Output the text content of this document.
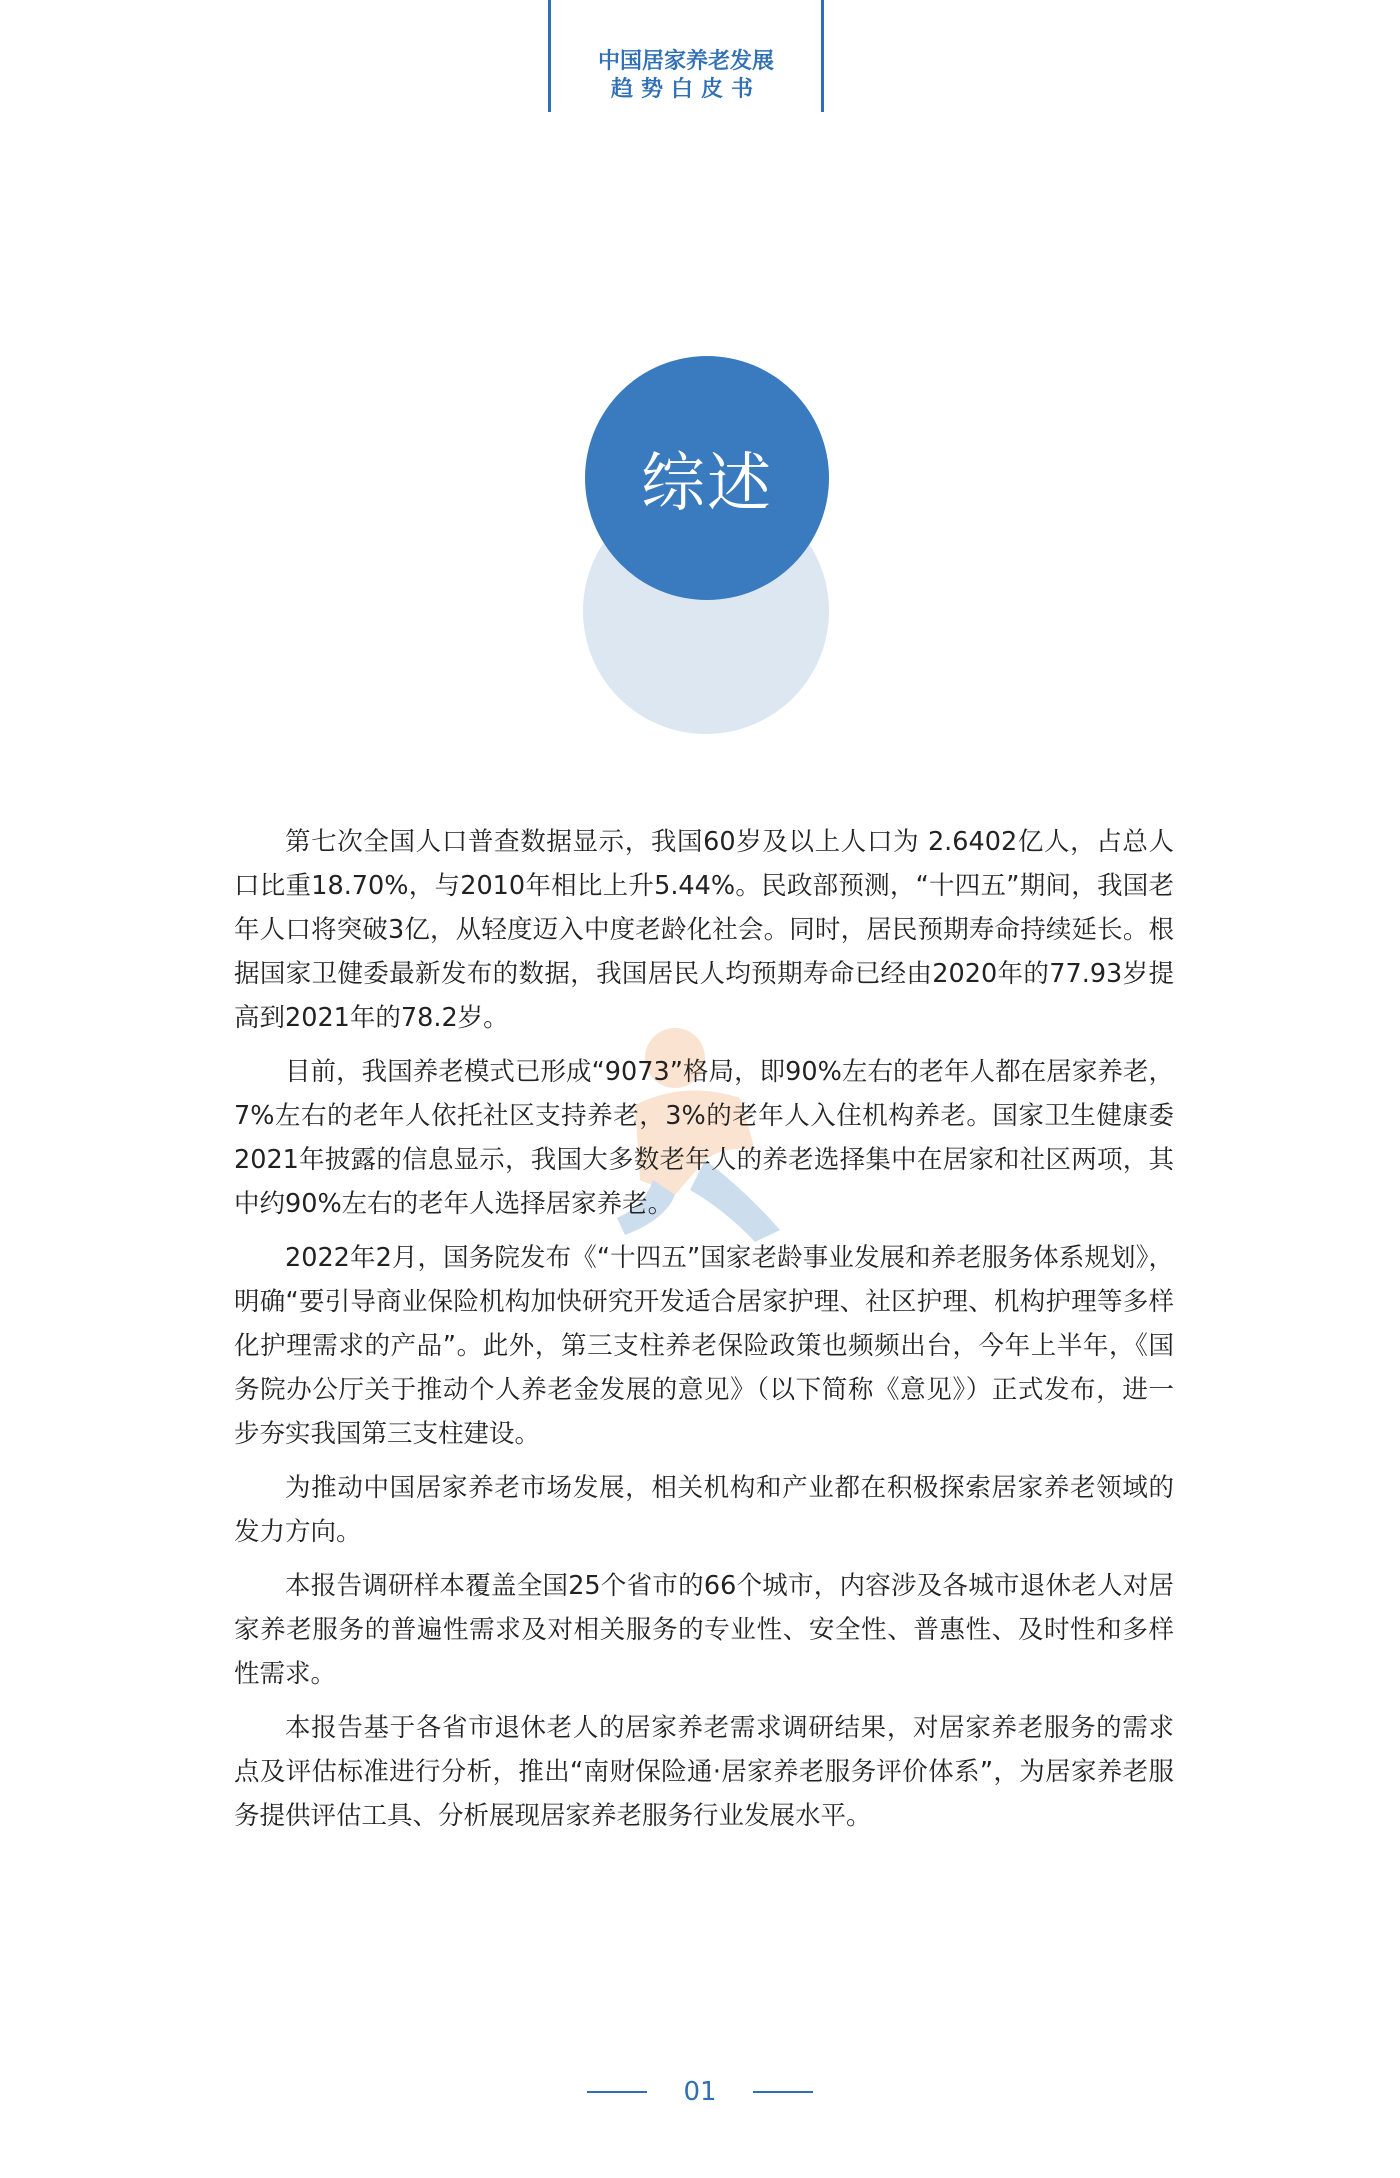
中国居家养老发展
趋势白皮书
综述

第七次全国人口普查数据显示，我国60岁及以上人口为 2.6402亿人，占总人口比重18.70%，与2010年相比上升5.44%。民政部预测，“十四五”期间，我国老年人口将突破3亿，从轻度迈入中度老龄化社会。同时，居民预期寿命持续延长。根据国家卫健委最新发布的数据，我国居民人均预期寿命已经由2020年的77.93岁提高到2021年的78.2岁。

目前，我国养老模式已形成“9073”格局，即90%左右的老年人都在居家养老，7%左右的老年人依托社区支持养老，3%的老年人入住机构养老。国家卫生健康委2021年披露的信息显示，我国大多数老年人的养老选择集中在居家和社区两项，其中约90%左右的老年人选择居家养老。

2022年2月，国务院发布《“十四五”国家老龄事业发展和养老服务体系规划》，明确“要引导商业保险机构加快研究开发适合居家护理、社区护理、机构护理等多样化护理需求的产品”。此外，第三支柱养老保险政策也频频出台，今年上半年，《国务院办公厅关于推动个人养老金发展的意见》（以下简称《意见》）正式发布，进一步夯实我国第三支柱建设。

为推动中国居家养老市场发展，相关机构和产业都在积极探索居家养老领域的发力方向。

本报告调研样本覆盖全国25个省市的66个城市，内容涉及各城市退休老人对居家养老服务的普遍性需求及对相关服务的专业性、安全性、普惠性、及时性和多样性需求。

本报告基于各省市退休老人的居家养老需求调研结果，对居家养老服务的需求点及评估标准进行分析，推出“南财保险通·居家养老服务评价体系”，为居家养老服务提供评估工具、分析展现居家养老服务行业发展水平。

01
